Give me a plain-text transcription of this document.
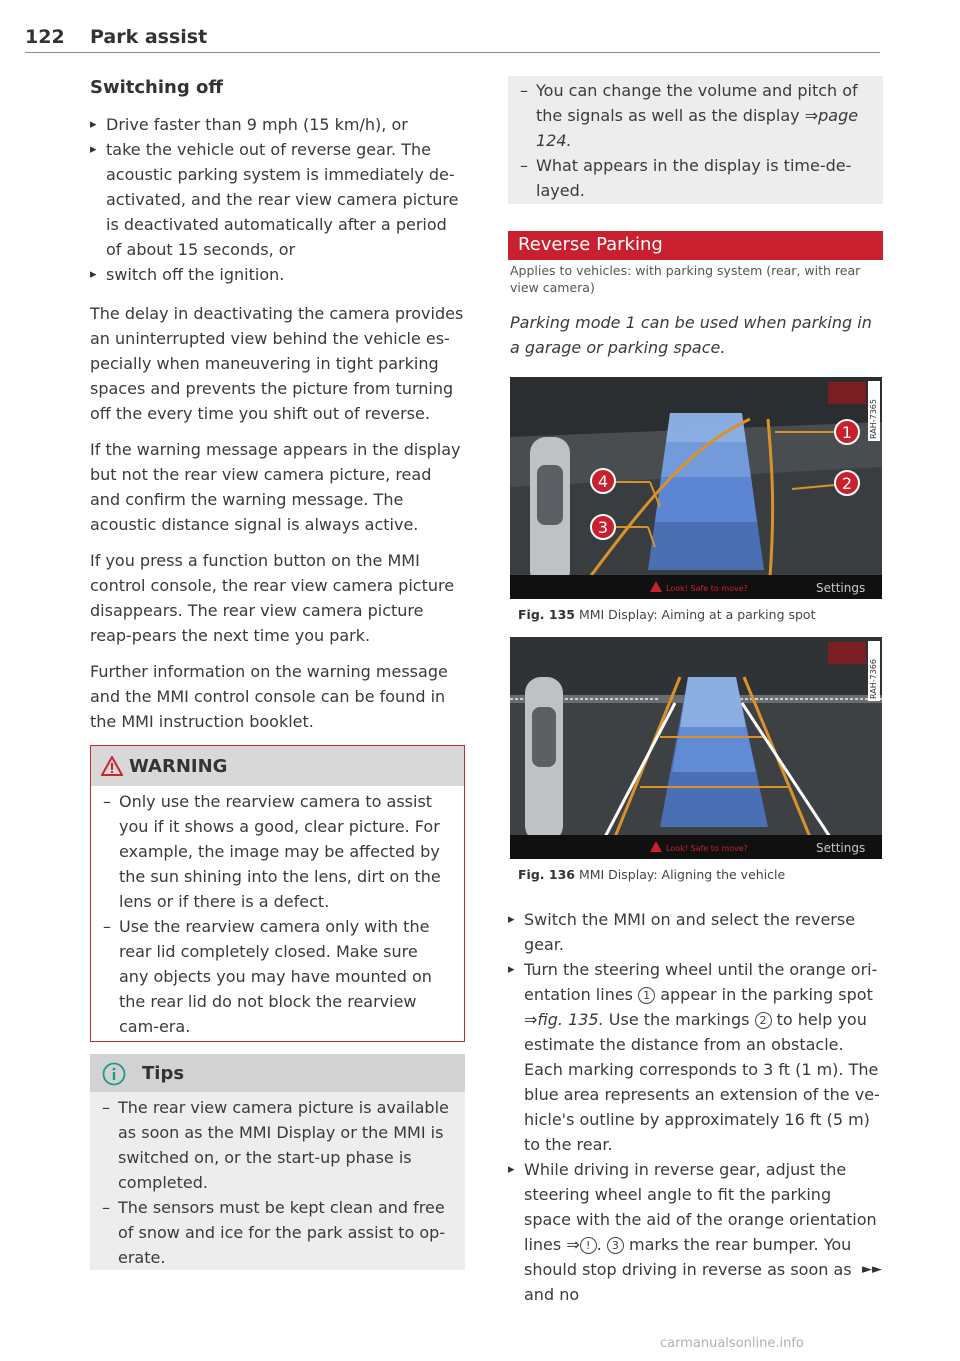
122 Park assist
Switching off
▸ Drive faster than 9 mph (15 km/h), or
▸ take the vehicle out of reverse gear. The acoustic parking system is immediately de-activated, and the rear view camera picture is deactivated automatically after a period of about 15 seconds, or
▸ switch off the ignition.

The delay in deactivating the camera provides an uninterrupted view behind the vehicle es-pecially when maneuvering in tight parking spaces and prevents the picture from turning off the every time you shift out of reverse.

If the warning message appears in the display but not the rear view camera picture, read and confirm the warning message. The acoustic distance signal is always active.

If you press a function button on the MMI control console, the rear view camera picture disappears. The rear view camera picture reap-pears the next time you park.

Further information on the warning message and the MMI control console can be found in the MMI instruction booklet.

WARNING
– Only use the rearview camera to assist you if it shows a good, clear picture. For example, the image may be affected by the sun shining into the lens, dirt on the lens or if there is a defect.
– Use the rearview camera only with the rear lid completely closed. Make sure any objects you may have mounted on the rear lid do not block the rearview cam-era.
Tips
– The rear view camera picture is available as soon as the MMI Display or the MMI is switched on, or the start-up phase is completed.
– The sensors must be kept clean and free of snow and ice for the park assist to op-erate.
– You can change the volume and pitch of the signals as well as the display ⇒page 124.
– What appears in the display is time-de-layed.
Reverse Parking
Applies to vehicles: with parking system (rear, with rear view camera)

Parking mode 1 can be used when parking in a garage or parking space.

1
2
3
4
Look! Safe to move?	Settings
RAH-7365
Fig. 135 MMI Display: Aiming at a parking spot
Look! Safe to move?	Settings
RAH-7366
Fig. 136 MMI Display: Aligning the vehicle
▸ Switch the MMI on and select the reverse gear.
▸ Turn the steering wheel until the orange ori-entation lines 1 appear in the parking spot ⇒fig. 135. Use the markings 2 to help you estimate the distance from an obstacle. Each marking corresponds to 3 ft (1 m). The blue area represents an extension of the ve-hicle's outline by approximately 16 ft (5 m) to the rear.
▸ While driving in reverse gear, adjust the steering wheel angle to fit the parking space with the aid of the orange orientation lines ⇒ ! . 3 marks the rear bumper. You should stop driving in reverse as soon as and no
►►
carmanualsonline.info
